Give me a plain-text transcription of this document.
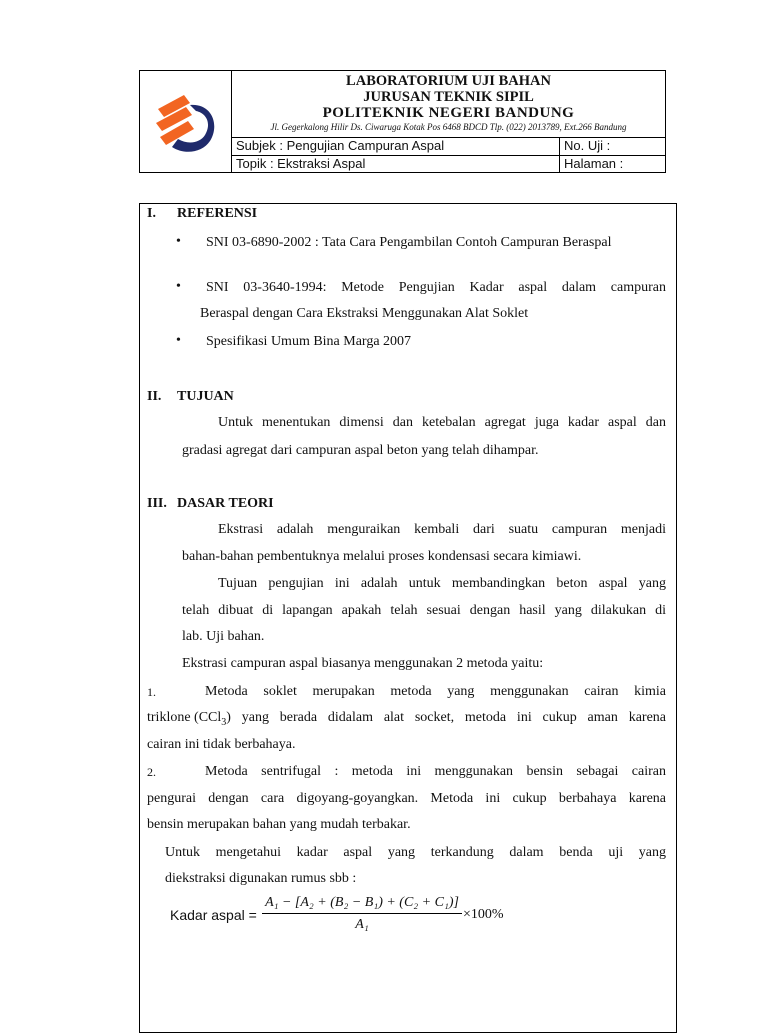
LABORATORIUM UJI BAHAN
JURUSAN TEKNIK SIPIL
POLITEKNIK NEGERI BANDUNG
Jl. Gegerkalong Hilir Ds. Ciwaruga Kotak Pos 6468 BDCD Tlp. (022) 2013789, Ext.266 Bandung
Subjek : Pengujian Campuran Aspal	No. Uji :
Topik : Ekstraksi Aspal	Halaman :
I. REFERENSI
• SNI 03-6890-2002 : Tata Cara Pengambilan Contoh Campuran Beraspal
• SNI 03-3640-1994: Metode Pengujian Kadar aspal dalam campuran
Beraspal dengan Cara Ekstraksi Menggunakan Alat Soklet
• Spesifikasi Umum Bina Marga 2007
II. TUJUAN
Untuk menentukan dimensi dan ketebalan agregat juga kadar aspal dan
gradasi agregat dari campuran aspal beton yang telah dihampar.
III. DASAR TEORI
Ekstrasi adalah menguraikan kembali dari suatu campuran menjadi
bahan-bahan pembentuknya melalui proses kondensasi secara kimiawi.
Tujuan pengujian ini adalah untuk membandingkan beton aspal yang
telah dibuat di lapangan apakah telah sesuai dengan hasil yang dilakukan di
lab. Uji bahan.
Ekstrasi campuran aspal biasanya menggunakan 2 metoda yaitu:
1.	Metoda soklet merupakan metoda yang menggunakan cairan kimia
triklone (CCl$_3$ ) yang berada didalam alat socket, metoda ini cukup aman karena
cairan ini tidak berbahaya.
2.	Metoda sentrifugal : metoda ini menggunakan bensin sebagai cairan
pengurai dengan cara digoyang-goyangkan. Metoda ini cukup berbahaya karena
bensin merupakan bahan yang mudah terbakar.
Untuk mengetahui kadar aspal yang terkandung dalam benda uji yang
diekstraksi digunakan rumus sbb :
Kadar aspal = $\frac{\text{A₁ − [A₂ + (B₂ − B₁) + (C₂ + C₁)]}}{\text{A₁}} \times 100\%$
